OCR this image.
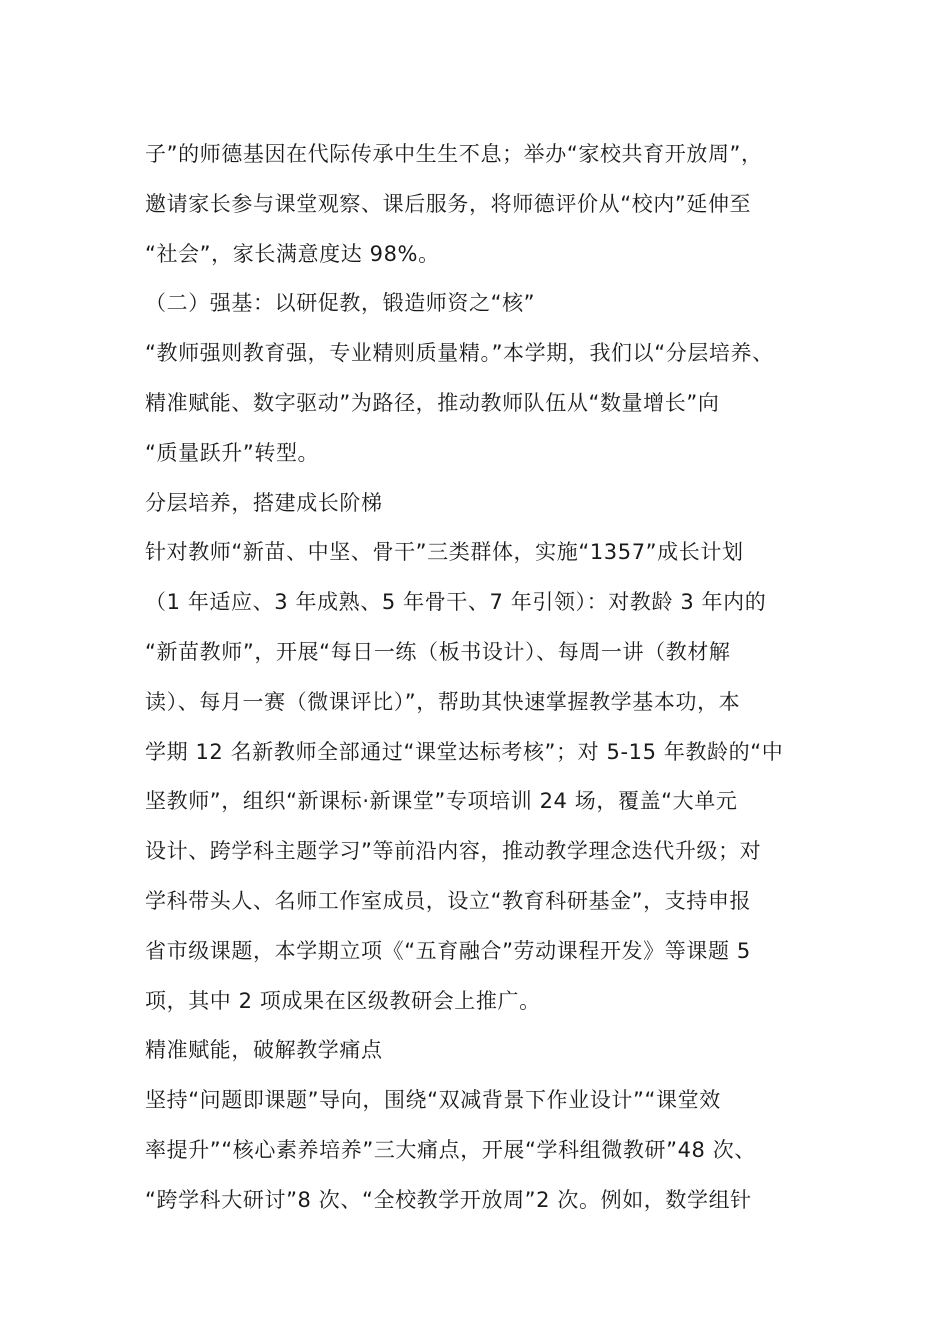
子”的师德基因在代际传承中生生不息；举办“家校共育开放周”，
邀请家长参与课堂观察、课后服务，将师德评价从“校内”延伸至
“社会”，家长满意度达 98%。
（二）强基：以研促教，锻造师资之“核”
“教师强则教育强，专业精则质量精。”本学期，我们以“分层培养、
精准赋能、数字驱动”为路径，推动教师队伍从“数量增长”向
“质量跃升”转型。
分层培养，搭建成长阶梯
针对教师“新苗、中坚、骨干”三类群体，实施“1357”成长计划
（1 年适应、3 年成熟、5 年骨干、7 年引领）：对教龄 3 年内的
“新苗教师”，开展“每日一练（板书设计）、每周一讲（教材解
读）、每月一赛（微课评比）”，帮助其快速掌握教学基本功，本
学期 12 名新教师全部通过“课堂达标考核”；对 5-15 年教龄的“中
坚教师”，组织“新课标·新课堂”专项培训 24 场，覆盖“大单元
设计、跨学科主题学习”等前沿内容，推动教学理念迭代升级；对
学科带头人、名师工作室成员，设立“教育科研基金”，支持申报
省市级课题，本学期立项《“五育融合”劳动课程开发》等课题 5
项，其中 2 项成果在区级教研会上推广。
精准赋能，破解教学痛点
坚持“问题即课题”导向，围绕“双减背景下作业设计”“课堂效
率提升”“核心素养培养”三大痛点，开展“学科组微教研”48 次、
“跨学科大研讨”8 次、“全校教学开放周”2 次。例如，数学组针
